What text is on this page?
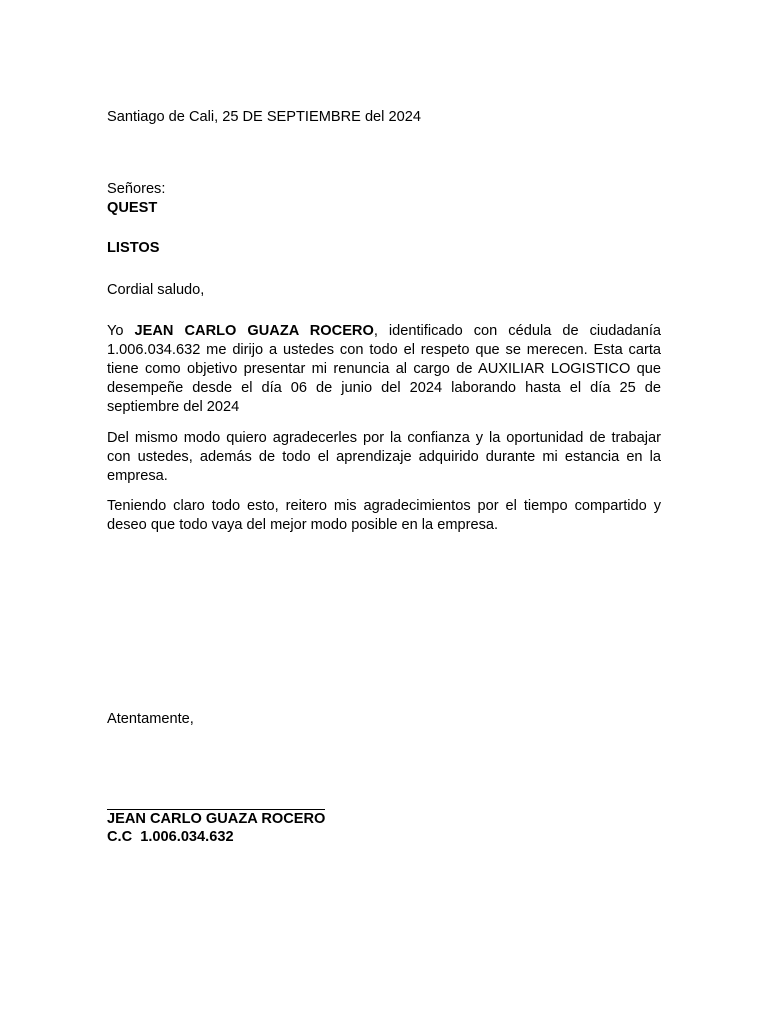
Santiago de Cali, 25 DE SEPTIEMBRE del 2024
Señores:
QUEST
LISTOS
Cordial saludo,
Yo JEAN CARLO GUAZA ROCERO, identificado con cédula de ciudadanía 1.006.034.632 me dirijo a ustedes con todo el respeto que se merecen. Esta carta tiene como objetivo presentar mi renuncia al cargo de AUXILIAR LOGISTICO que desempeñe desde el día 06 de junio del 2024 laborando hasta el día 25 de septiembre del 2024
Del mismo modo quiero agradecerles por la confianza y la oportunidad de trabajar con ustedes, además de todo el aprendizaje adquirido durante mi estancia en la empresa.
Teniendo claro todo esto, reitero mis agradecimientos por el tiempo compartido y deseo que todo vaya del mejor modo posible en la empresa.
Atentamente,
JEAN CARLO GUAZA ROCERO
C.C  1.006.034.632
